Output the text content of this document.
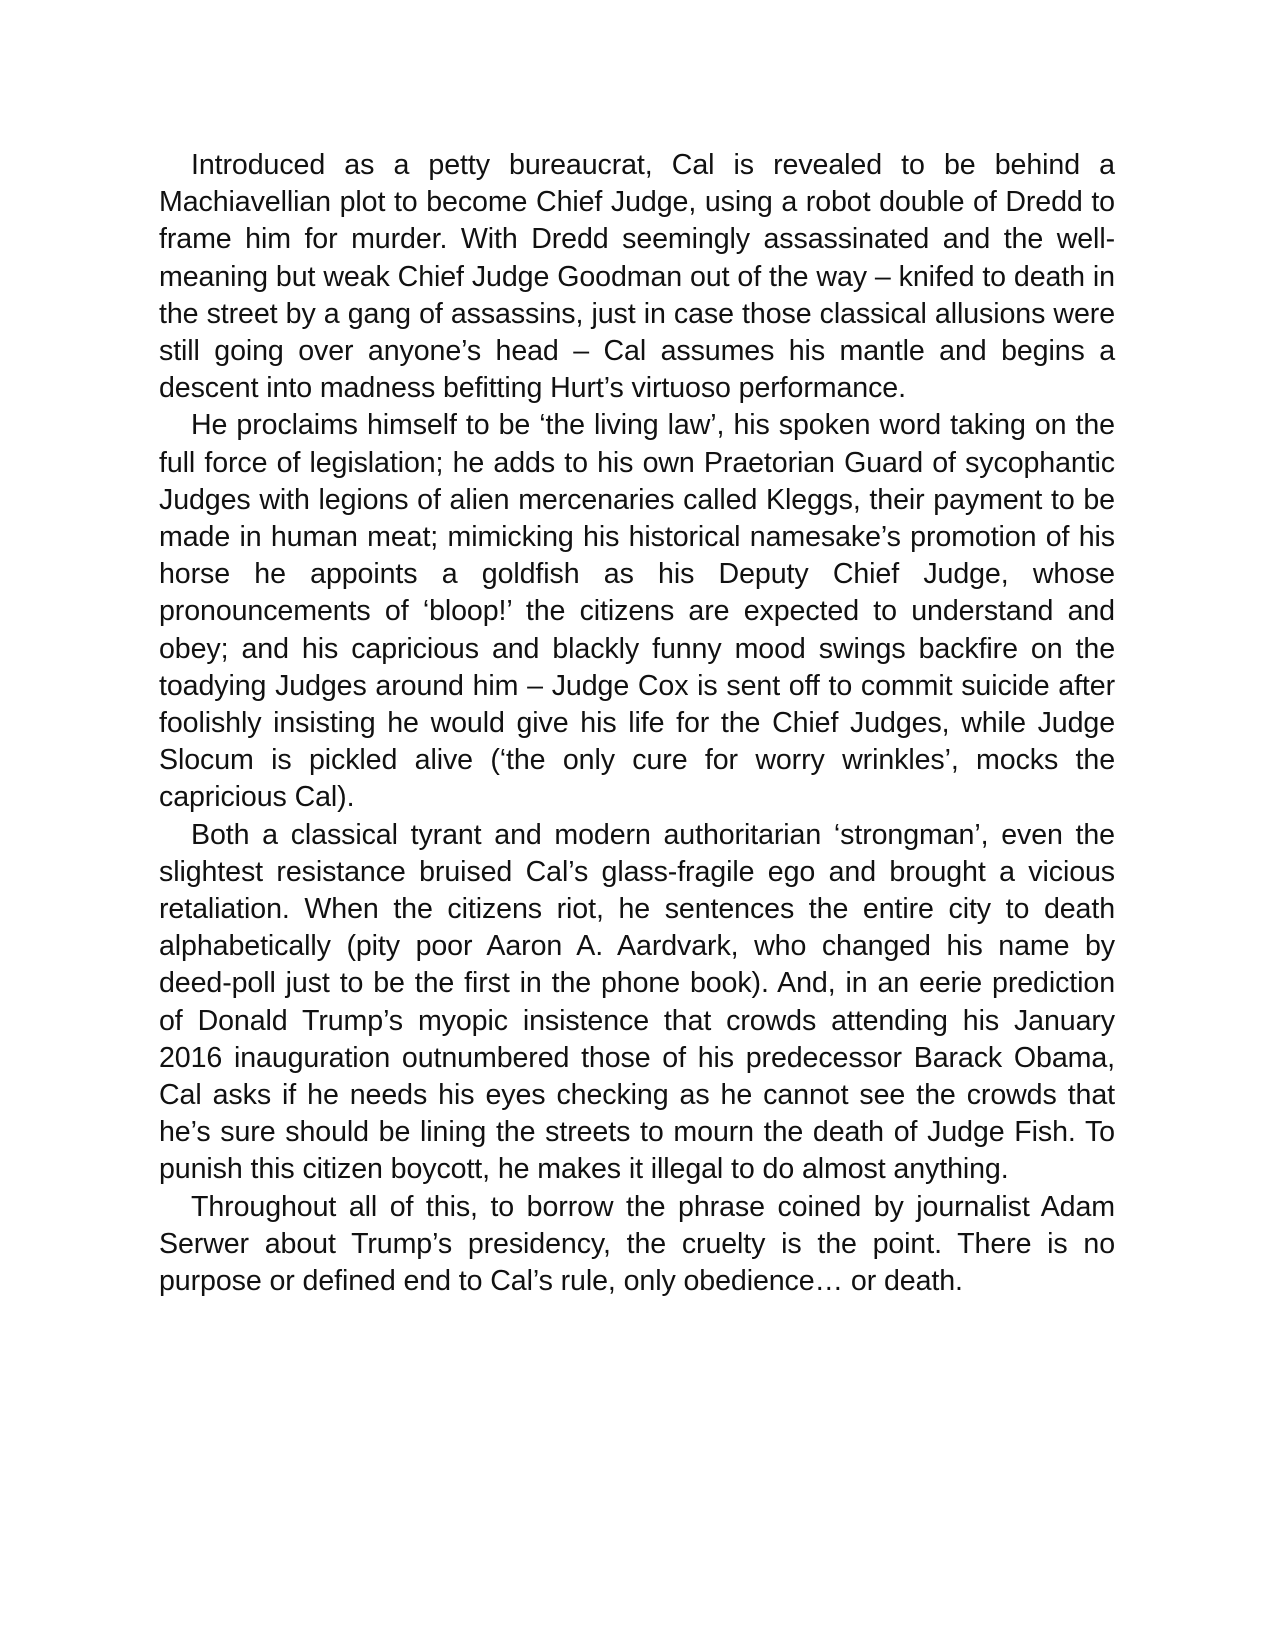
Introduced as a petty bureaucrat, Cal is revealed to be behind a Machiavellian plot to become Chief Judge, using a robot double of Dredd to frame him for murder. With Dredd seemingly assassinated and the well-meaning but weak Chief Judge Goodman out of the way – knifed to death in the street by a gang of assassins, just in case those classical allusions were still going over anyone’s head – Cal assumes his mantle and begins a descent into madness befitting Hurt’s virtuoso performance.

He proclaims himself to be ‘the living law’, his spoken word taking on the full force of legislation; he adds to his own Praetorian Guard of sycophantic Judges with legions of alien mercenaries called Kleggs, their payment to be made in human meat; mimicking his historical namesake’s promotion of his horse he appoints a goldfish as his Deputy Chief Judge, whose pronouncements of ‘bloop!’ the citizens are expected to understand and obey; and his capricious and blackly funny mood swings backfire on the toadying Judges around him – Judge Cox is sent off to commit suicide after foolishly insisting he would give his life for the Chief Judges, while Judge Slocum is pickled alive (‘the only cure for worry wrinkles’, mocks the capricious Cal).

Both a classical tyrant and modern authoritarian ‘strongman’, even the slightest resistance bruised Cal’s glass-fragile ego and brought a vicious retaliation. When the citizens riot, he sentences the entire city to death alphabetically (pity poor Aaron A. Aardvark, who changed his name by deed-poll just to be the first in the phone book). And, in an eerie prediction of Donald Trump’s myopic insistence that crowds attending his January 2016 inauguration outnumbered those of his predecessor Barack Obama, Cal asks if he needs his eyes checking as he cannot see the crowds that he’s sure should be lining the streets to mourn the death of Judge Fish. To punish this citizen boycott, he makes it illegal to do almost anything.

Throughout all of this, to borrow the phrase coined by journalist Adam Serwer about Trump’s presidency, the cruelty is the point. There is no purpose or defined end to Cal’s rule, only obedience… or death.
